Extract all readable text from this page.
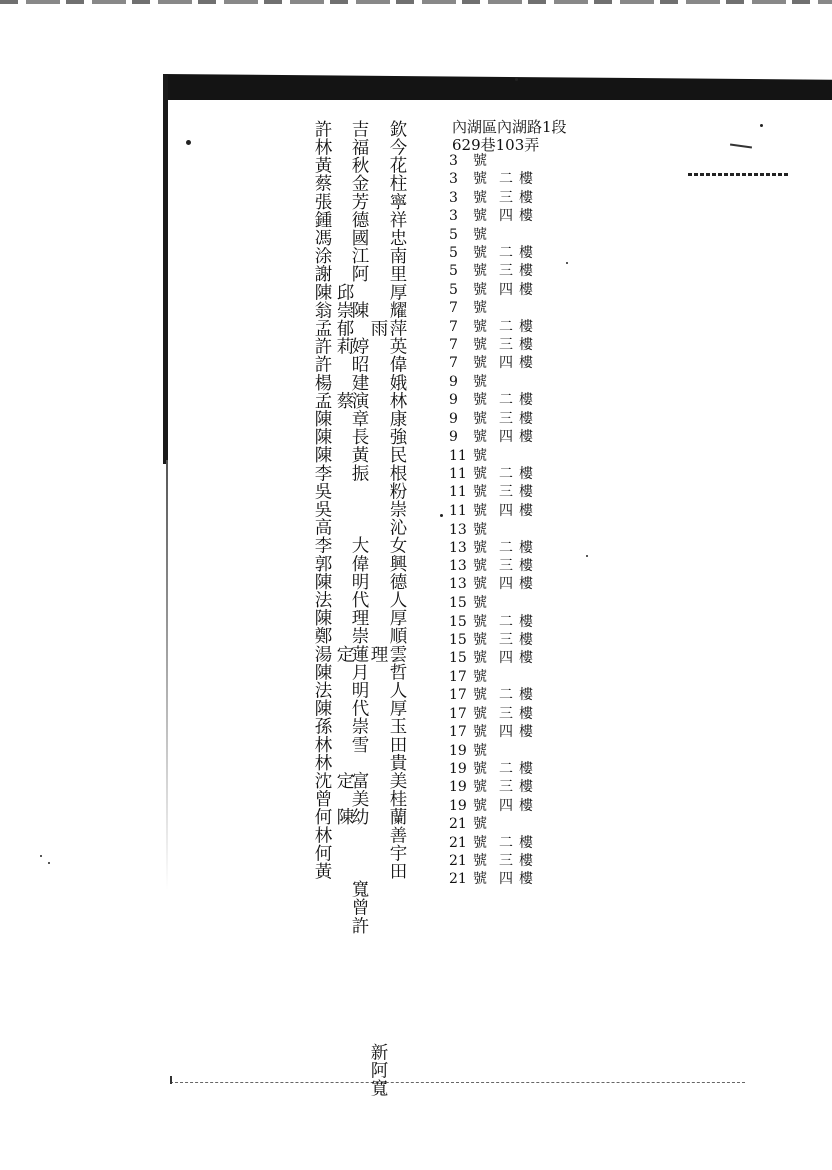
內湖區內湖路1段
629巷103弄
3	號
3	號 二 樓
3	號 三 樓
3	號 四 樓
5	號
5	號 二 樓
5	號 三 樓
5	號 四 樓
7	號
7	號 二 樓
7	號 三 樓
7	號 四 樓
9	號
9	號 二 樓
9	號 三 樓
9	號 四 樓
11 號
11 號 二 樓
11 號 三 樓
11 號 四 樓
13 號
13 號 二 樓
13 號 三 樓
13 號 四 樓
15 號
15 號 二 樓
15 號 三 樓
15 號 四 樓
17 號
17 號 二 樓
17 號 三 樓
17 號 四 樓
19 號
19 號 二 樓
19 號 三 樓
19 號 四 樓
21 號
21 號 二 樓
21 號 三 樓
21 號 四 樓
欽今花柱寧祥忠南里厚耀萍英偉娥林康強民根粉崇沁女興德人厚順雲哲人厚玉田貴美桂蘭善宇田
　　　　　　　　　　　雨　　　　　　　　　　　　　　　　　理　　　　　　　　　　　　　　　　　　　　　新阿寬
吉福秋金芳德國江阿　陳　婷昭建演章長黃振　　　大偉明代理崇蓮月明代崇雪　富美幼　　　寬曾許
　　　　　　　　　邱崇郁莉　　蔡　　　　　　　　　　　　　定　　　　　　定　陳
許林黃蔡張鍾馮涂謝陳翁孟許許楊孟陳陳陳李吳吳高李郭陳法陳鄭湯陳法陳孫林林沈曾何林何黃
